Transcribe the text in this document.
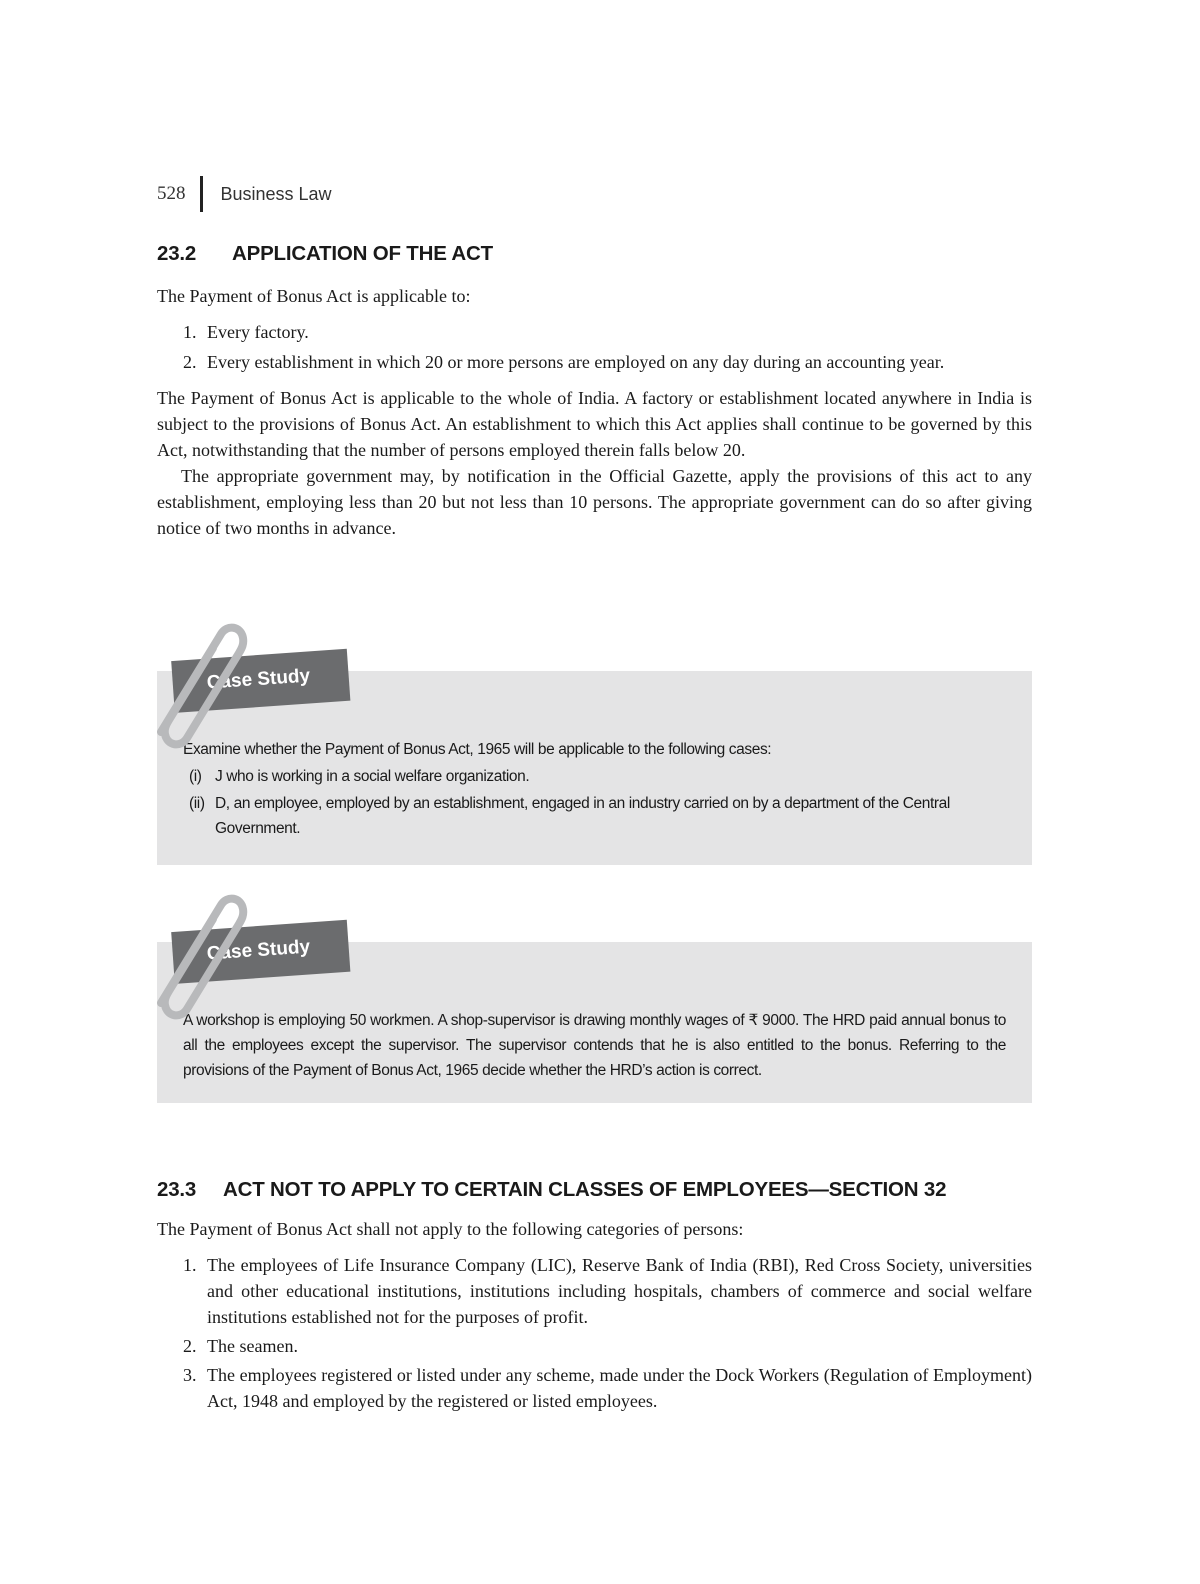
528 Business Law
23.2 APPLICATION OF THE ACT

The Payment of Bonus Act is applicable to:

1. Every factory.
2. Every establishment in which 20 or more persons are employed on any day during an accounting year.

The Payment of Bonus Act is applicable to the whole of India. A factory or establishment located anywhere in India is subject to the provisions of Bonus Act. An establishment to which this Act applies shall continue to be governed by this Act, notwithstanding that the number of persons employed therein falls below 20.

The appropriate government may, by notification in the Official Gazette, apply the provisions of this act to any establishment, employing less than 20 but not less than 10 persons. The appropriate government can do so after giving notice of two months in advance.

Examine whether the Payment of Bonus Act, 1965 will be applicable to the following cases:

(i) J who is working in a social welfare organization.
(ii) D, an employee, employed by an establishment, engaged in an industry carried on by a department of the Central Government.
Case Study

A workshop is employing 50 workmen. A shop-supervisor is drawing monthly wages of ₹ 9000. The HRD paid annual bonus to all the employees except the supervisor. The supervisor contends that he is also entitled to the bonus. Referring to the provisions of the Payment of Bonus Act, 1965 decide whether the HRD’s action is correct.

Case Study
23.3 ACT NOT TO APPLY TO CERTAIN CLASSES OF EMPLOYEES—SECTION 32

The Payment of Bonus Act shall not apply to the following categories of persons:

1. The employees of Life Insurance Company (LIC), Reserve Bank of India (RBI), Red Cross Society, universities and other educational institutions, institutions including hospitals, chambers of commerce and social welfare institutions established not for the purposes of profit.
2. The seamen.
3. The employees registered or listed under any scheme, made under the Dock Workers (Regulation of Employment) Act, 1948 and employed by the registered or listed employees.
